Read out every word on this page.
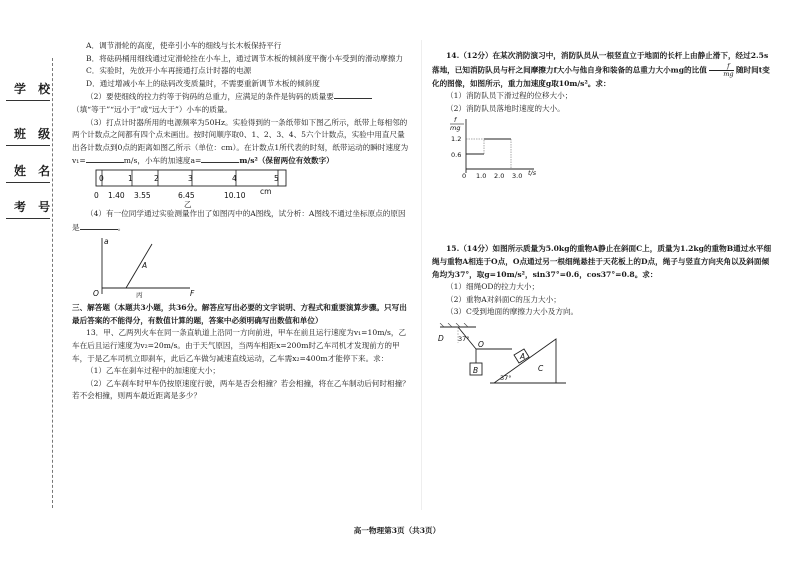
学 校
班 级
姓 名
考 号

A．调节滑轮的高度，使牵引小车的细线与长木板保持平行

B．将砝码桶用细线通过定滑轮拴在小车上，通过调节木板的倾斜度平衡小车受到的滑动摩擦力

C．实验时，先放开小车再接通打点计时器的电源

D．通过增减小车上的砝码改变质量时，不需要重新调节木板的倾斜度

（2）要使细线的拉力约等于钩码的总重力，应满足的条件是钩码的质量要
（填“等于”“远小于”或“远大于”）小车的质量。

（3）打点计时器所用的电源频率为50Hz。实验得到的一条纸带如下图乙所示，纸带上每相邻的两个计数点之间都有四个点未画出。按时间顺序取0、1、2、3、4、5六个计数点，实验中用直尺量出各计数点到0点的距离如图乙所示（单位：cm）。在计数点1所代表的时刻，纸带运动的瞬时速度为v₁=	m/s，小车的加速度a=	m/s²（保留两位有效数字）

0	1	2	3	4	5
cm
0 1.40 3.55	6.45	10.10
乙

（4）有一位同学通过实验测量作出了如图丙中的A图线，试分析：A图线不通过坐标原点的原因是	。

a
F
O
A
丙

三、解答题（本题共3小题，共36分。解答应写出必要的文字说明、方程式和重要演算步骤。只写出最后答案的不能得分，有数值计算的题，答案中必须明确写出数值和单位）

13．甲、乙两列火车在同一条直轨道上沿同一方向前进，甲车在前且运行速度为v₁=10m/s，乙车在后且运行速度为v₂=20m/s。由于天气原因，当两车相距x=200m时乙车司机才发现前方的甲车，于是乙车司机立即刹车，此后乙车做匀减速直线运动，乙车需x₂=400m才能停下来。求：

（1）乙车在刹车过程中的加速度大小；

（2）乙车刹车时甲车仍按原速度行驶，两车是否会相撞？若会相撞，将在乙车制动后何时相撞？若不会相撞，则两车最近距离是多少？

14.（12分）在某次消防演习中，消防队员从一根竖直立于地面的长杆上由静止滑下，经过2.5s落地，已知消防队员与杆之间摩擦力f大小与他自身和装备的总重力大小mg的比值 $\frac{f}{mg}$ 随时间t变化的图像，如图所示，重力加速度g取10m/s²。求：

（1）消防队员下滑过程的位移大小；

（2）消防队员落地时速度的大小。

f
mg
1.2
0.6
0 1.0 2.0 3.0 t/s

15.（14分）如图所示质量为5.0kg的重物A静止在斜面C上，质量为1.2kg的重物B通过水平细绳与重物A相连于O点，O点通过另一根细绳悬挂于天花板上的D点，绳子与竖直方向夹角以及斜面倾角均为37°，取g=10m/s²，sin37°=0.6，cos37°=0.8。求：

（1）细绳OD的拉力大小；

（2）重物A对斜面C的压力大小；

（3）C受到地面的摩擦力大小及方向。

D
O
A
B	C
37°
37°
高一物理第3页（共3页）
